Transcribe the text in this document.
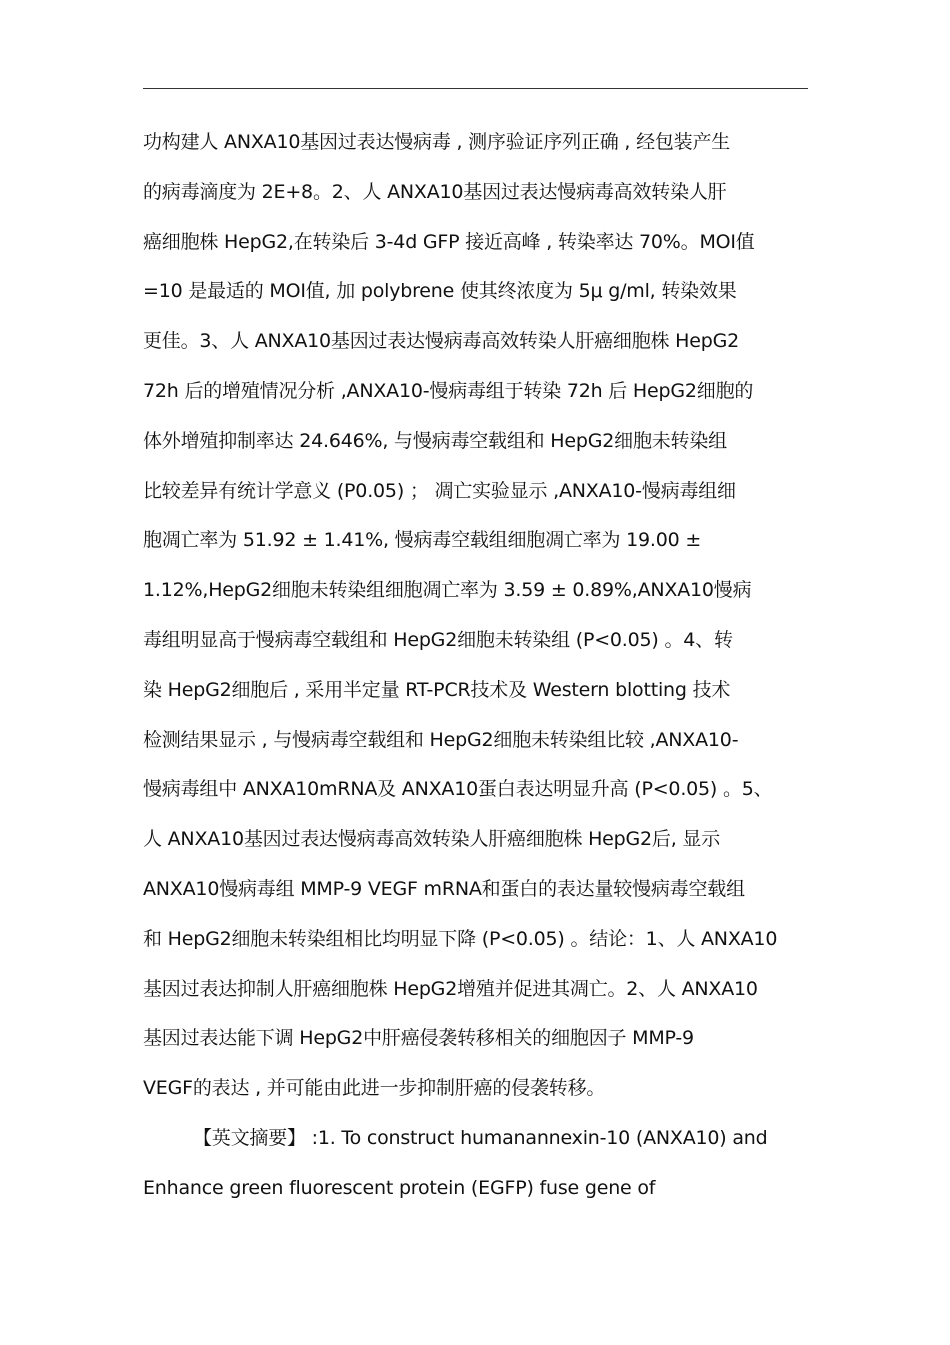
功构建人 ANXA10基因过表达慢病毒 , 测序验证序列正确 , 经包装产生
的病毒滴度为 2E+8。2、人 ANXA10基因过表达慢病毒高效转染人肝
癌细胞株 HepG2,在转染后 3-4d GFP 接近高峰 , 转染率达 70%。MOI值
=10 是最适的 MOI值, 加 polybrene 使其终浓度为 5μ g/ml, 转染效果
更佳。3、人 ANXA10基因过表达慢病毒高效转染人肝癌细胞株 HepG2
72h 后的增殖情况分析 ,ANXA10-慢病毒组于转染 72h 后 HepG2细胞的
体外增殖抑制率达 24.646%, 与慢病毒空载组和 HepG2细胞未转染组
比较差异有统计学意义 (P0.05) ； 凋亡实验显示 ,ANXA10-慢病毒组细
胞凋亡率为 51.92 ± 1.41%, 慢病毒空载组细胞凋亡率为 19.00 ±
1.12%,HepG2细胞未转染组细胞凋亡率为 3.59 ± 0.89%,ANXA10慢病
毒组明显高于慢病毒空载组和 HepG2细胞未转染组 (P<0.05) 。4、转
染 HepG2细胞后 , 采用半定量 RT-PCR技术及 Western blotting 技术
检测结果显示 , 与慢病毒空载组和 HepG2细胞未转染组比较 ,ANXA10-
慢病毒组中 ANXA10mRNA及 ANXA10蛋白表达明显升高 (P<0.05) 。5、
人 ANXA10基因过表达慢病毒高效转染人肝癌细胞株 HepG2后, 显示
ANXA10慢病毒组 MMP-9 VEGF mRNA和蛋白的表达量较慢病毒空载组
和 HepG2细胞未转染组相比均明显下降 (P<0.05) 。结论：1、人 ANXA10
基因过表达抑制人肝癌细胞株 HepG2增殖并促进其凋亡。2、人 ANXA10
基因过表达能下调 HepG2中肝癌侵袭转移相关的细胞因子 MMP-9
VEGF的表达 , 并可能由此进一步抑制肝癌的侵袭转移。
【英文摘要】 :1. To construct humanannexin-10 (ANXA10) and
Enhance green fluorescent protein (EGFP) fuse gene of
